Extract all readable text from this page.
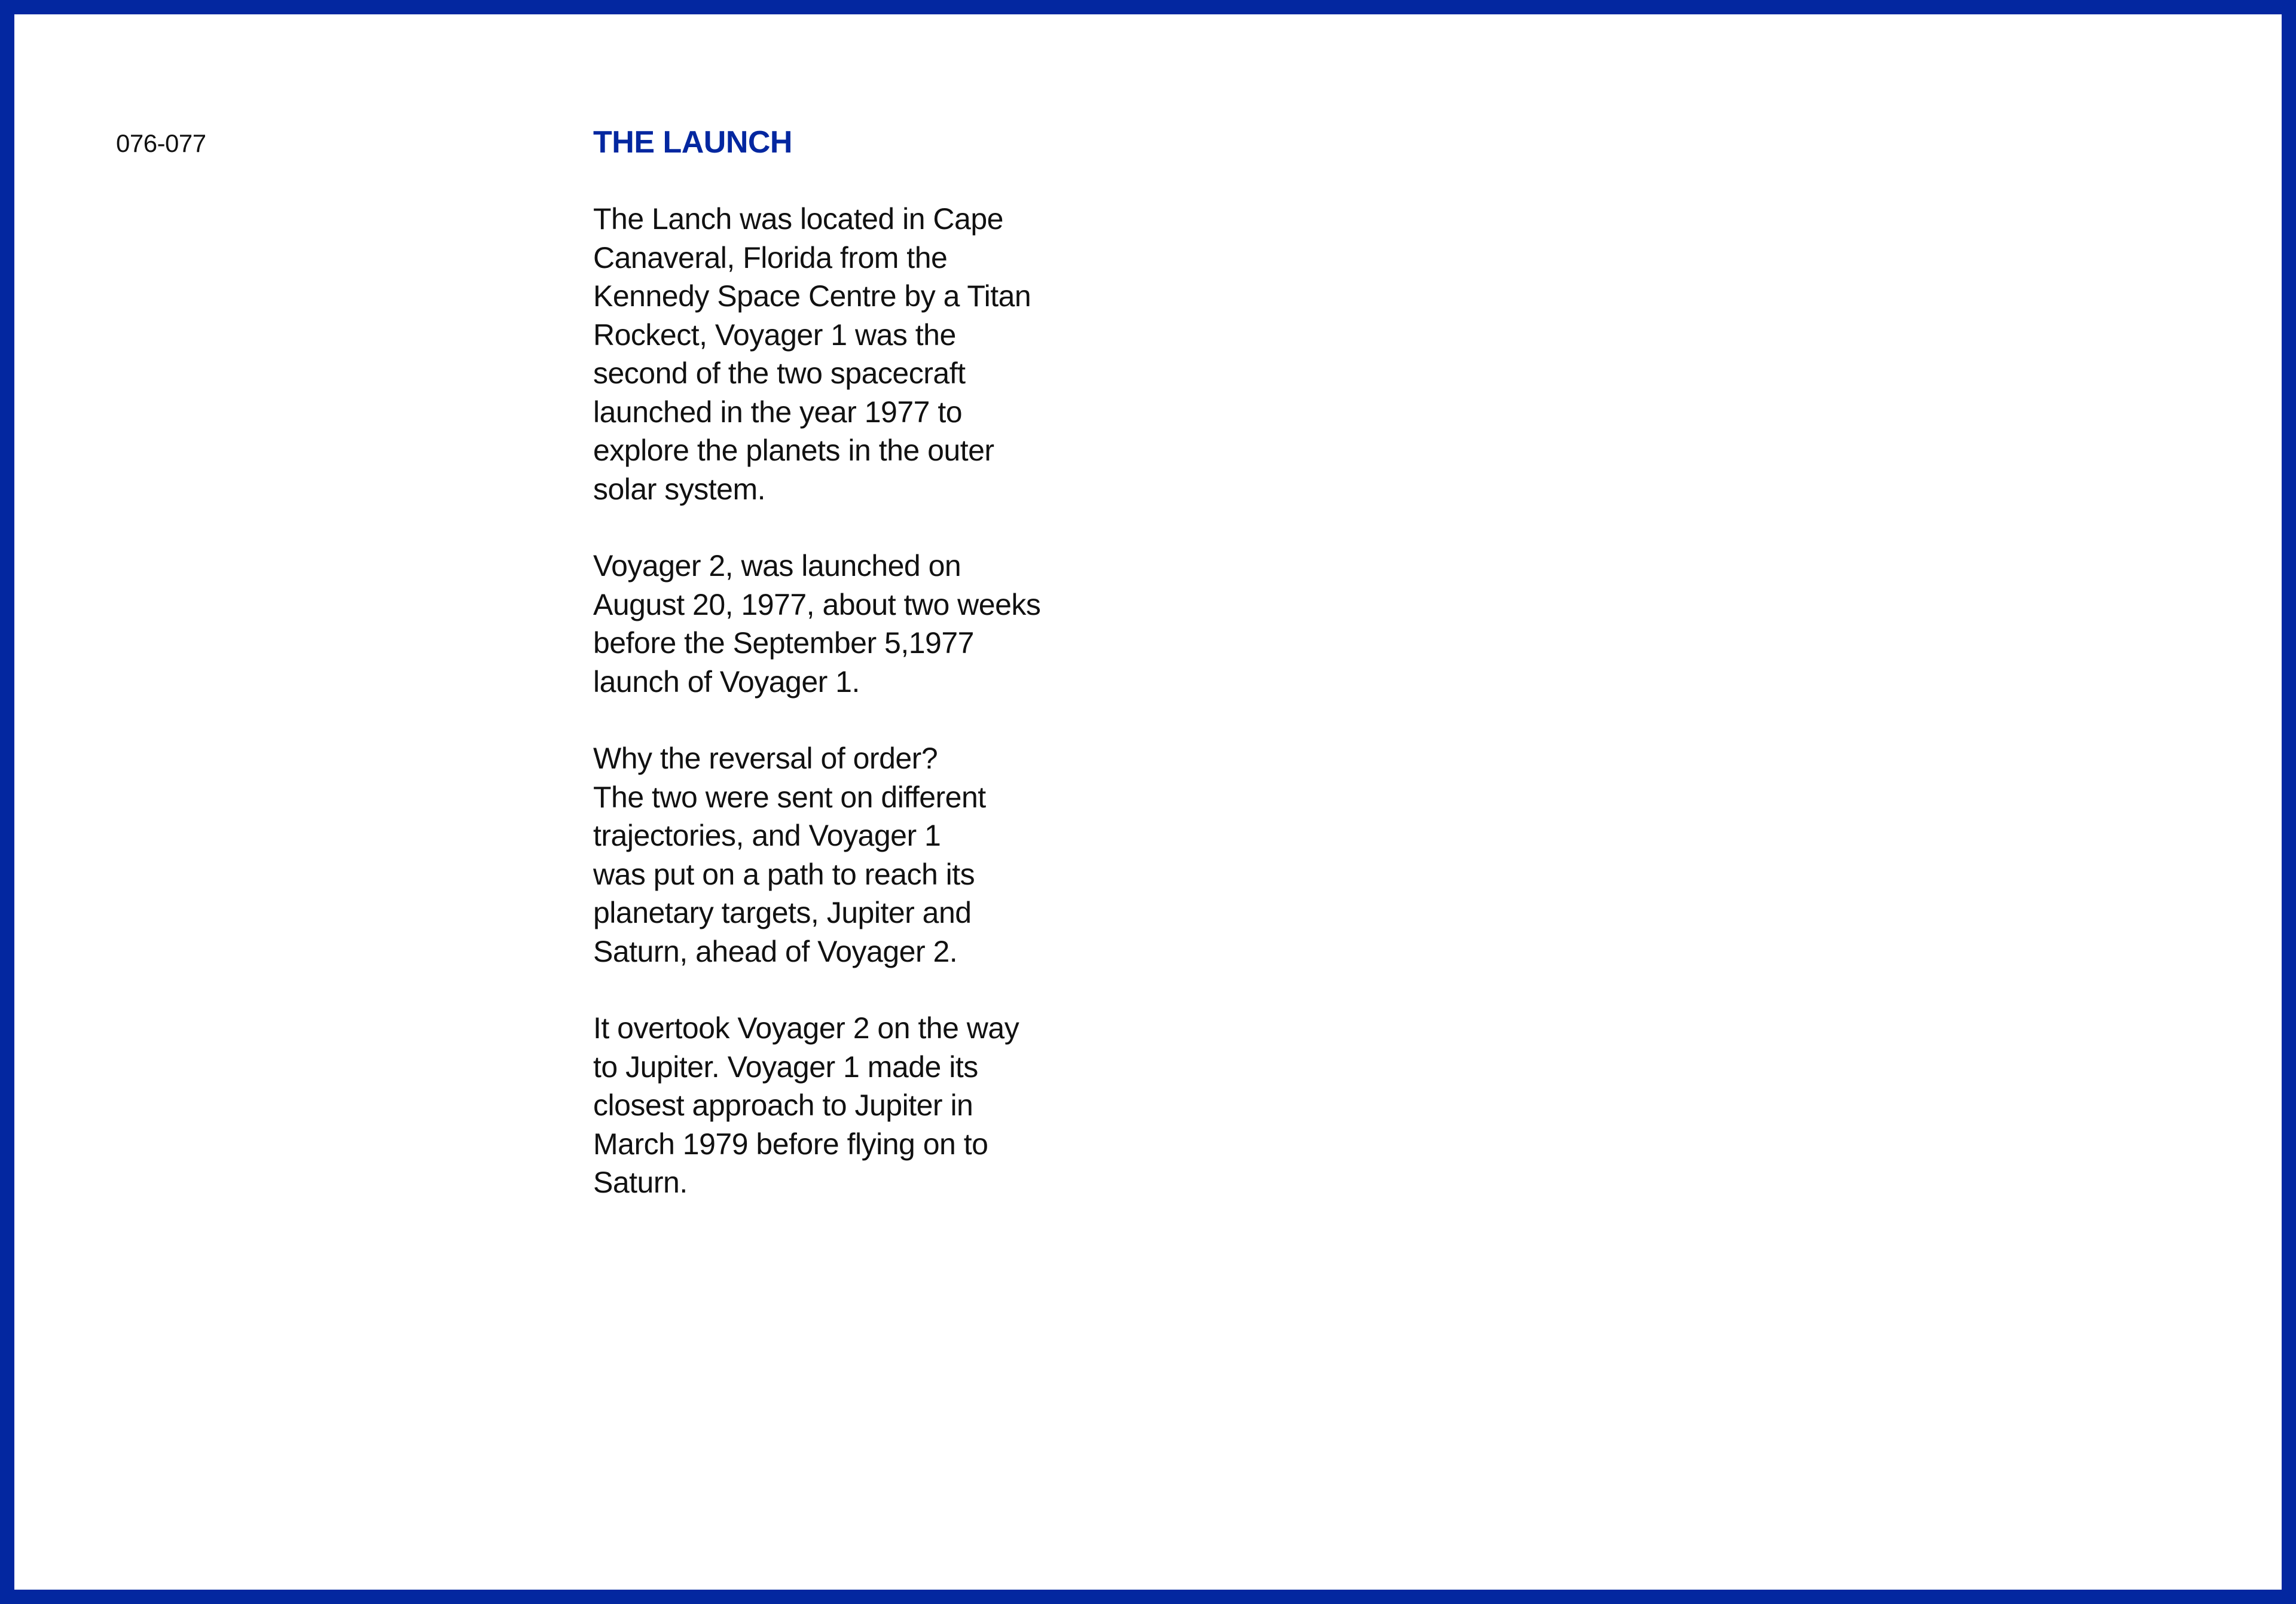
076-077	THE LAUNCH

The Lanch was located in Cape
Canaveral, Florida from the
Kennedy Space Centre by a Titan
Rockect, Voyager 1 was the
second of the two spacecraft
launched in the year 1977 to
explore the planets in the outer
solar system.

Voyager 2, was launched on
August 20, 1977, about two weeks
before the September 5,1977
launch of Voyager 1.

Why the reversal of order?
The two were sent on different
trajectories, and Voyager 1
was put on a path to reach its
planetary targets, Jupiter and
Saturn, ahead of Voyager 2.

It overtook Voyager 2 on the way
to Jupiter. Voyager 1 made its
closest approach to Jupiter in
March 1979 before flying on to
Saturn.
